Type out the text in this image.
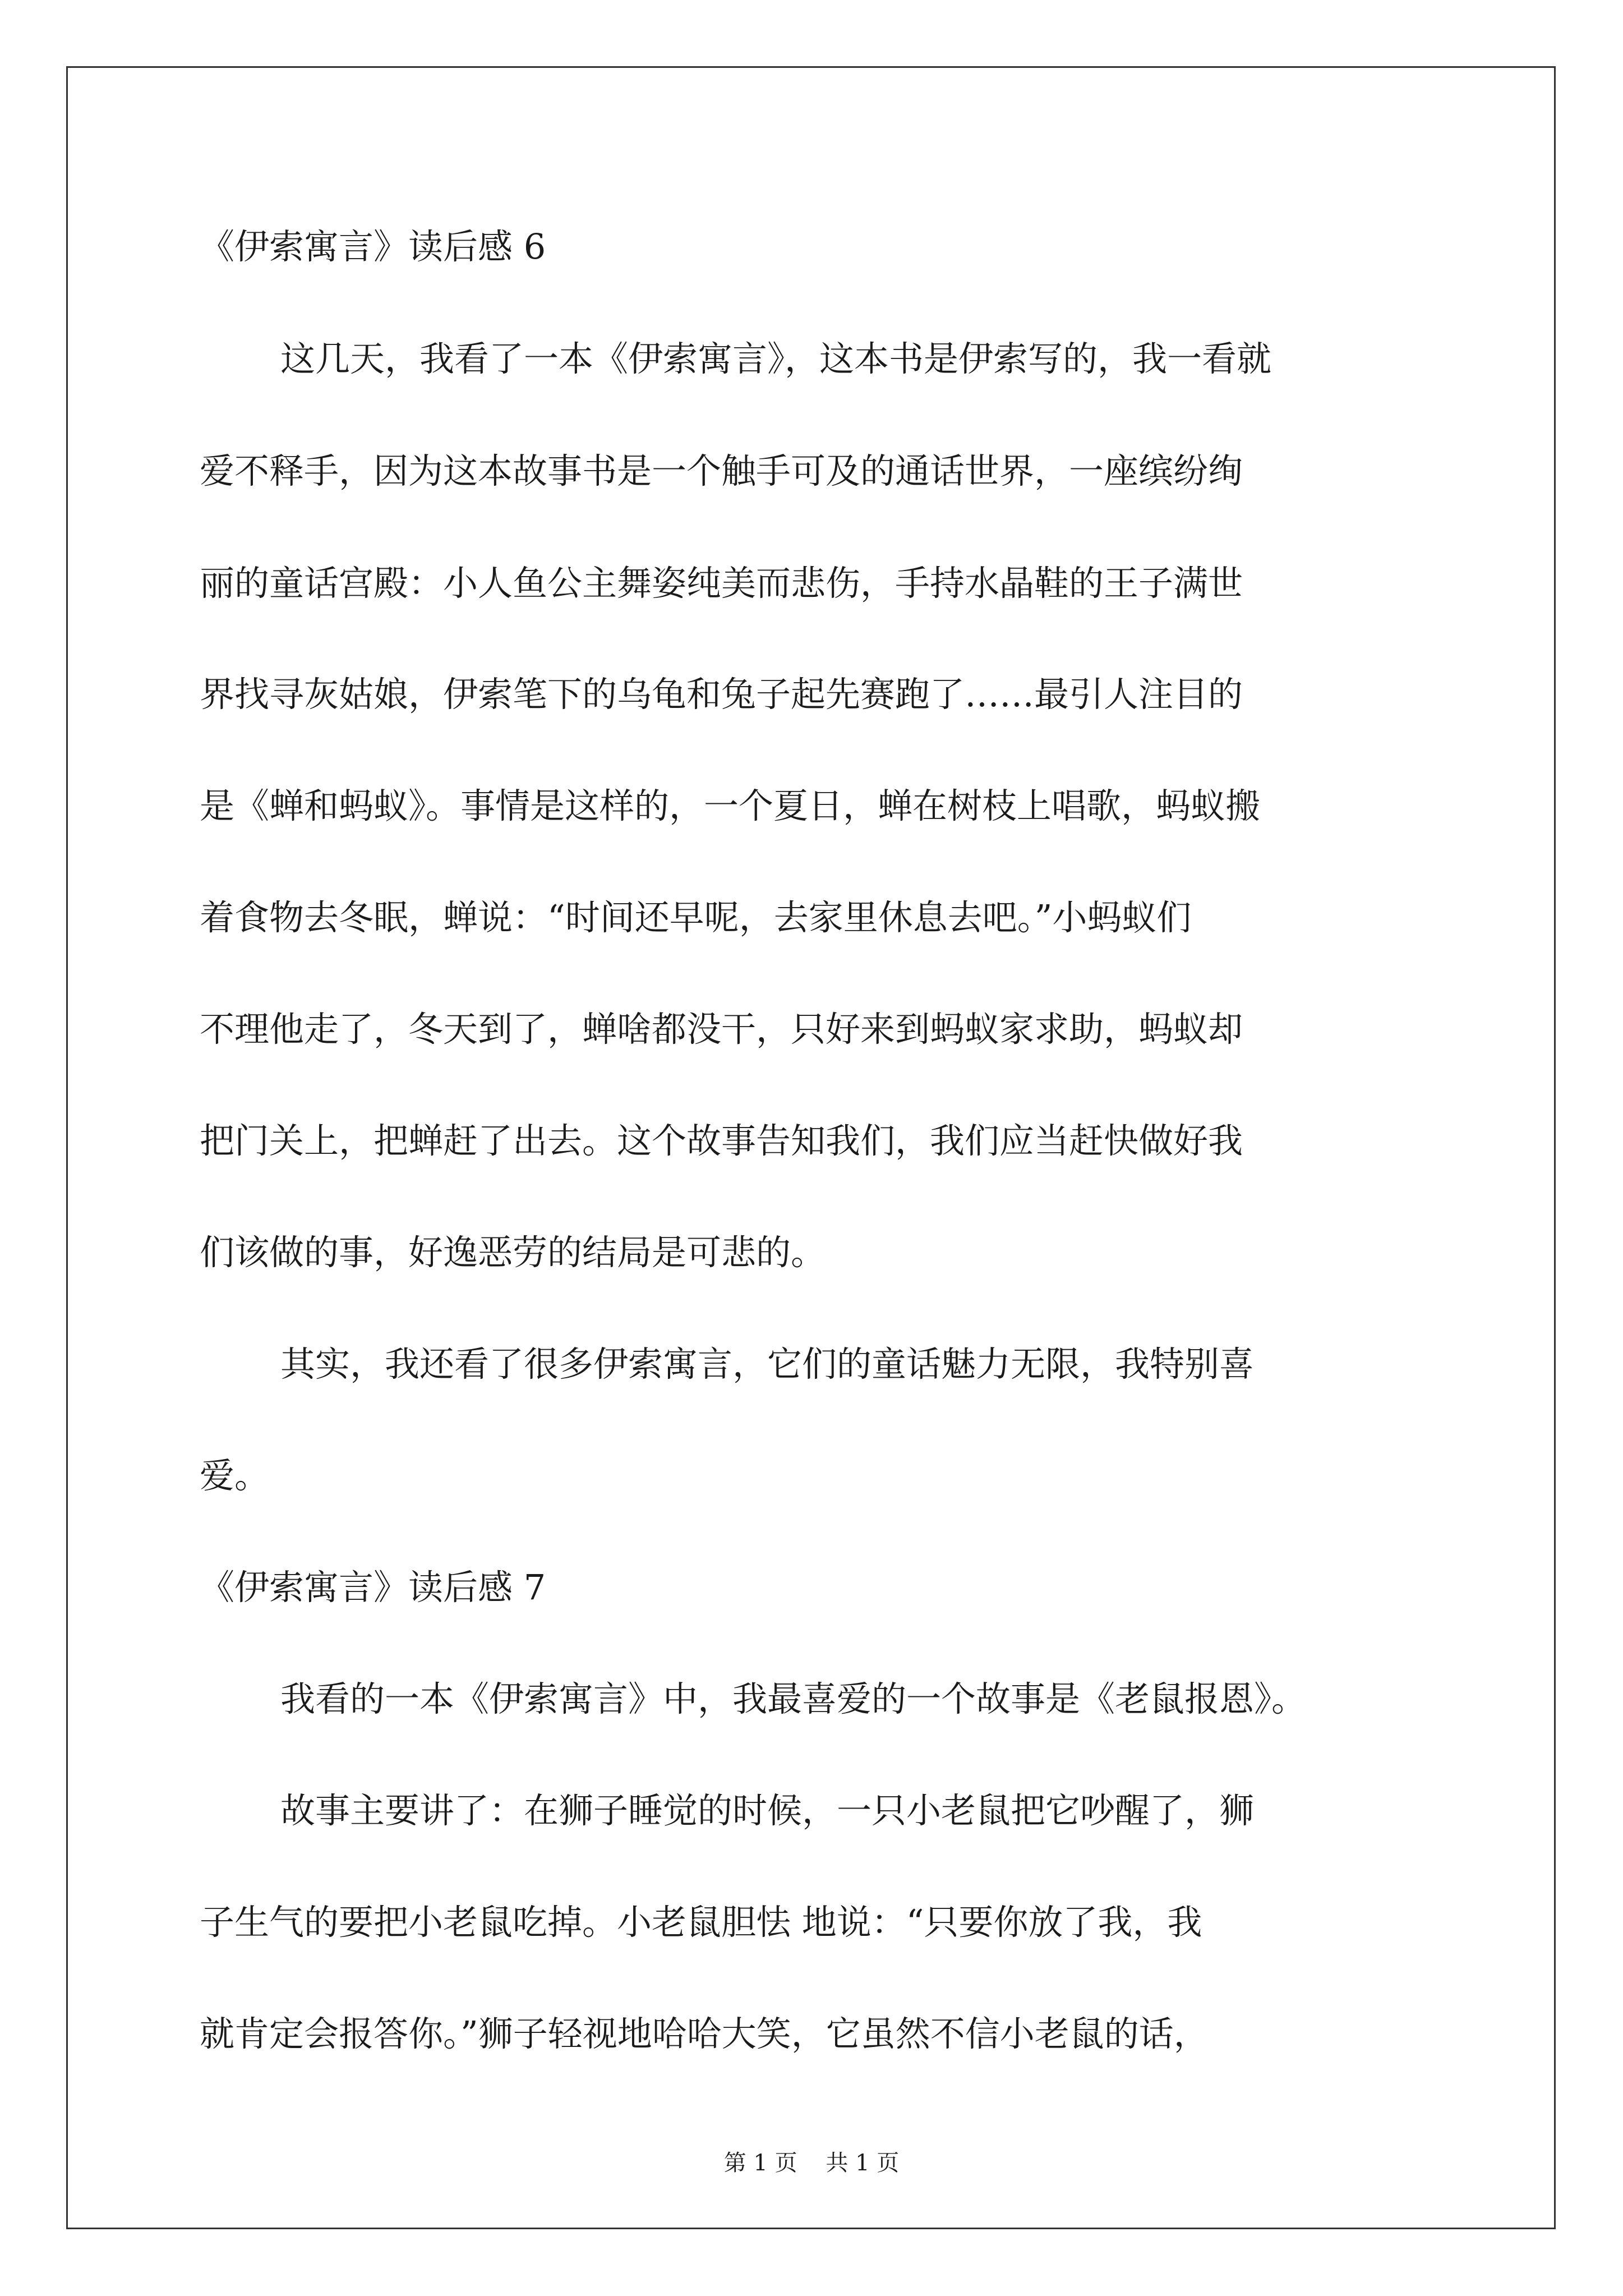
《伊索寓言》读后感 6
这几天，我看了一本《伊索寓言》，这本书是伊索写的，我一看就
爱不释手，因为这本故事书是一个触手可及的通话世界，一座缤纷绚
丽的童话宫殿：小人鱼公主舞姿纯美而悲伤，手持水晶鞋的王子满世
界找寻灰姑娘，伊索笔下的乌龟和兔子起先赛跑了……最引人注目的
是《蝉和蚂蚁》。事情是这样的，一个夏日，蝉在树枝上唱歌，蚂蚁搬
着食物去冬眠，蝉说：“时间还早呢，去家里休息去吧。”小蚂蚁们
不理他走了，冬天到了，蝉啥都没干，只好来到蚂蚁家求助，蚂蚁却
把门关上，把蝉赶了出去。这个故事告知我们，我们应当赶快做好我
们该做的事，好逸恶劳的结局是可悲的。
其实，我还看了很多伊索寓言，它们的童话魅力无限，我特别喜
爱。
《伊索寓言》读后感 7
我看的一本《伊索寓言》中，我最喜爱的一个故事是《老鼠报恩》。
故事主要讲了：在狮子睡觉的时候，一只小老鼠把它吵醒了，狮
子生气的要把小老鼠吃掉。小老鼠胆怯 地说：“只要你放了我，我
就肯定会报答你。”狮子轻视地哈哈大笑，它虽然不信小老鼠的话，
第 1 页    共 1 页
